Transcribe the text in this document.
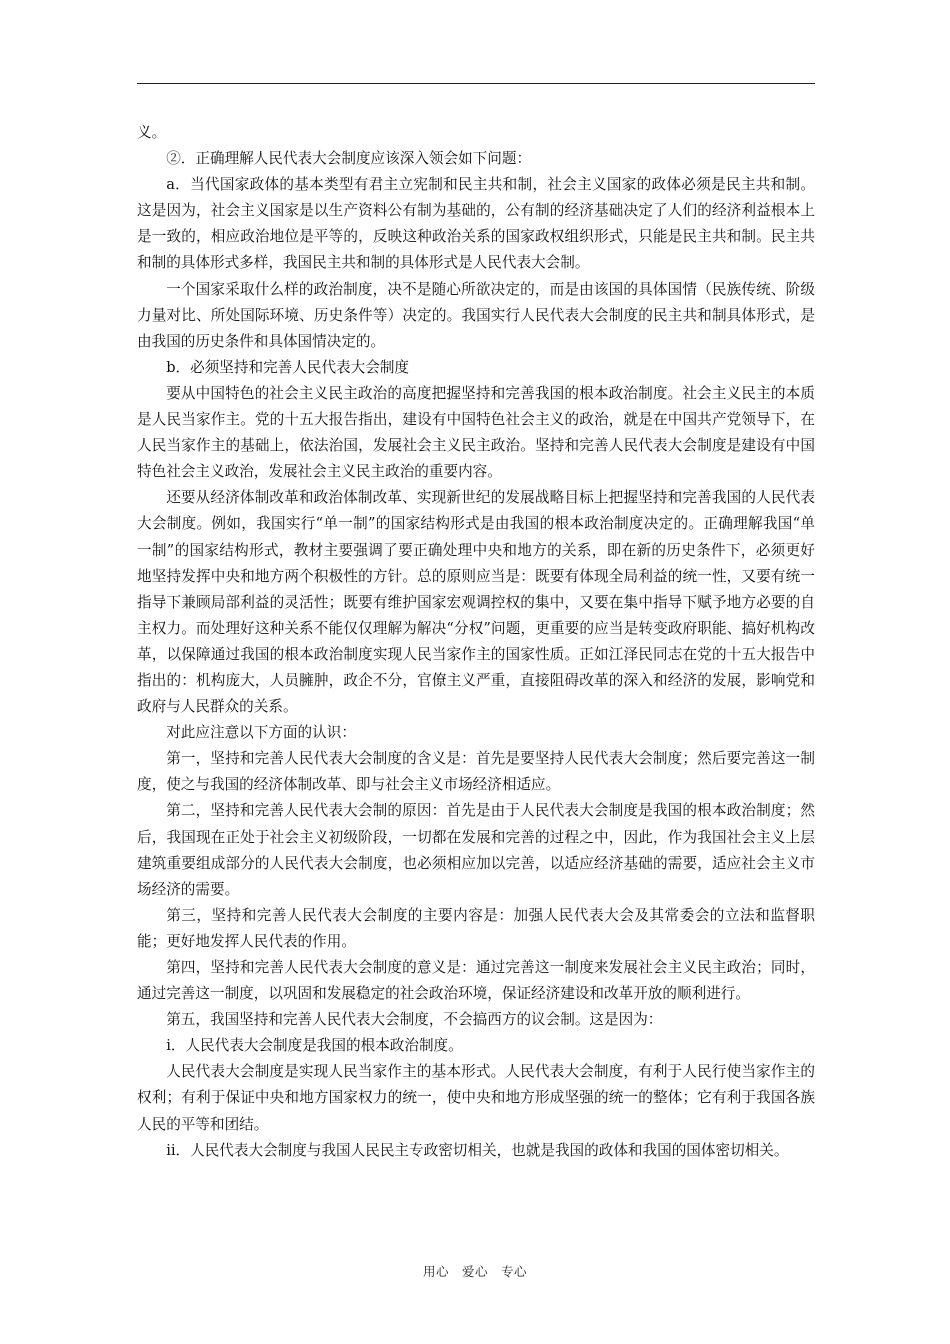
义。

②．正确理解人民代表大会制度应该深入领会如下问题：

a．当代国家政体的基本类型有君主立宪制和民主共和制，社会主义国家的政体必须是民主共和制。这是因为，社会主义国家是以生产资料公有制为基础的，公有制的经济基础决定了人们的经济利益根本上是一致的，相应政治地位是平等的，反映这种政治关系的国家政权组织形式，只能是民主共和制。民主共和制的具体形式多样，我国民主共和制的具体形式是人民代表大会制。

一个国家采取什么样的政治制度，决不是随心所欲决定的，而是由该国的具体国情（民族传统、阶级力量对比、所处国际环境、历史条件等）决定的。我国实行人民代表大会制度的民主共和制具体形式，是由我国的历史条件和具体国情决定的。

b．必须坚持和完善人民代表大会制度

要从中国特色的社会主义民主政治的高度把握坚持和完善我国的根本政治制度。社会主义民主的本质是人民当家作主。党的十五大报告指出，建设有中国特色社会主义的政治，就是在中国共产党领导下，在人民当家作主的基础上，依法治国，发展社会主义民主政治。坚持和完善人民代表大会制度是建设有中国特色社会主义政治，发展社会主义民主政治的重要内容。

还要从经济体制改革和政治体制改革、实现新世纪的发展战略目标上把握坚持和完善我国的人民代表大会制度。例如，我国实行“单一制”的国家结构形式是由我国的根本政治制度决定的。正确理解我国“单一制”的国家结构形式，教材主要强调了要正确处理中央和地方的关系，即在新的历史条件下，必须更好地坚持发挥中央和地方两个积极性的方针。总的原则应当是：既要有体现全局利益的统一性，又要有统一指导下兼顾局部利益的灵活性；既要有维护国家宏观调控权的集中，又要在集中指导下赋予地方必要的自主权力。而处理好这种关系不能仅仅理解为解决“分权”问题，更重要的应当是转变政府职能、搞好机构改革，以保障通过我国的根本政治制度实现人民当家作主的国家性质。正如江泽民同志在党的十五大报告中指出的：机构庞大，人员臃肿，政企不分，官僚主义严重，直接阻碍改革的深入和经济的发展，影响党和政府与人民群众的关系。

对此应注意以下方面的认识：

第一，坚持和完善人民代表大会制度的含义是：首先是要坚持人民代表大会制度；然后要完善这一制度，使之与我国的经济体制改革、即与社会主义市场经济相适应。

第二，坚持和完善人民代表大会制的原因：首先是由于人民代表大会制度是我国的根本政治制度；然后，我国现在正处于社会主义初级阶段，一切都在发展和完善的过程之中，因此，作为我国社会主义上层建筑重要组成部分的人民代表大会制度，也必须相应加以完善，以适应经济基础的需要，适应社会主义市场经济的需要。

第三，坚持和完善人民代表大会制度的主要内容是：加强人民代表大会及其常委会的立法和监督职能；更好地发挥人民代表的作用。

第四，坚持和完善人民代表大会制度的意义是：通过完善这一制度来发展社会主义民主政治；同时，通过完善这一制度，以巩固和发展稳定的社会政治环境，保证经济建设和改革开放的顺利进行。

第五，我国坚持和完善人民代表大会制度，不会搞西方的议会制。这是因为：

ⅰ．人民代表大会制度是我国的根本政治制度。

人民代表大会制度是实现人民当家作主的基本形式。人民代表大会制度，有利于人民行使当家作主的权利；有利于保证中央和地方国家权力的统一，使中央和地方形成坚强的统一的整体；它有利于我国各族人民的平等和团结。

ⅱ．人民代表大会制度与我国人民民主专政密切相关，也就是我国的政体和我国的国体密切相关。

用心　爱心　专心
